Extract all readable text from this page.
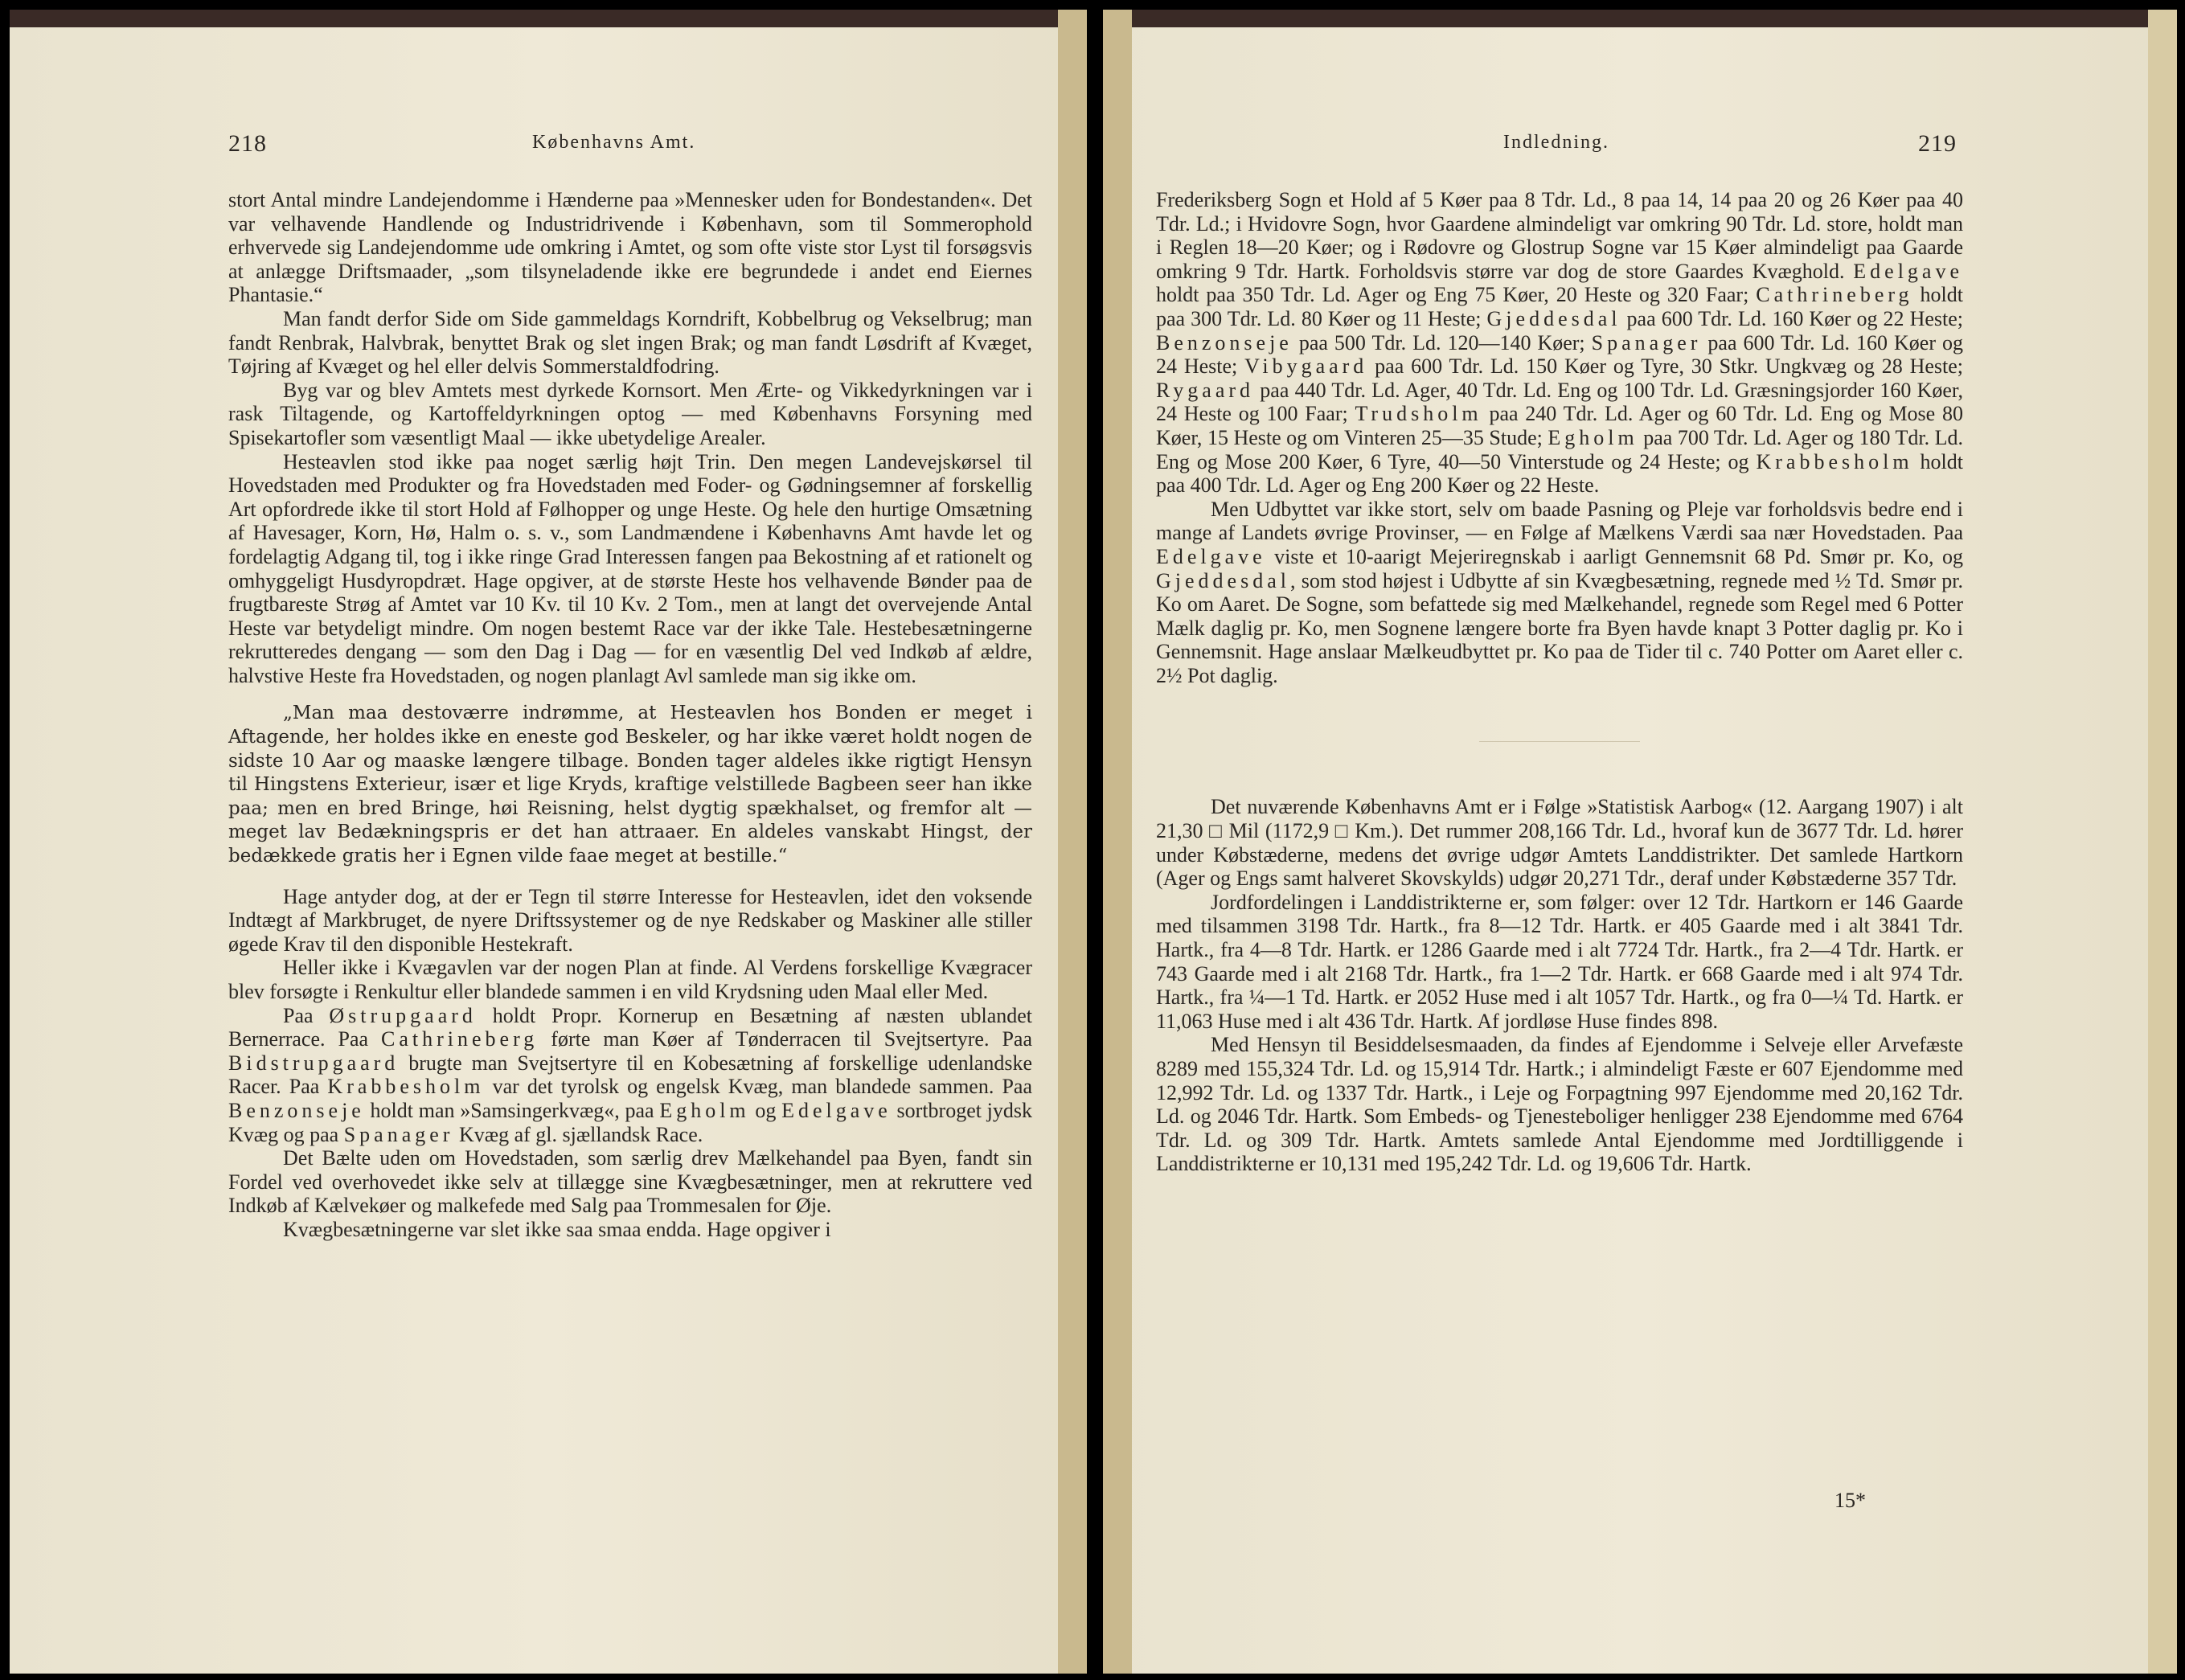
218	Københavns Amt.

stort Antal mindre Landejendomme i Hænderne paa »Mennesker uden for Bondestanden«. Det var velhavende Handlende og Industridrivende i København, som til Sommerophold erhvervede sig Landejendomme ude omkring i Amtet, og som ofte viste stor Lyst til forsøgsvis at anlægge Driftsmaader, „som tilsyneladende ikke ere begrundede i andet end Eiernes Phantasie.“

Man fandt derfor Side om Side gammeldags Korndrift, Kobbelbrug og Vekselbrug; man fandt Renbrak, Halvbrak, benyttet Brak og slet ingen Brak; og man fandt Løsdrift af Kvæget, Tøjring af Kvæget og hel eller delvis Sommerstaldfodring.

Byg var og blev Amtets mest dyrkede Kornsort. Men Ærte- og Vikkedyrkningen var i rask Tiltagende, og Kartoffeldyrkningen optog — med Københavns Forsyning med Spisekartofler som væsentligt Maal — ikke ubetydelige Arealer.

Hesteavlen stod ikke paa noget særlig højt Trin. Den megen Landevejskørsel til Hovedstaden med Produkter og fra Hovedstaden med Foder- og Gødningsemner af forskellig Art opfordrede ikke til stort Hold af Følhopper og unge Heste. Og hele den hurtige Omsætning af Havesager, Korn, Hø, Halm o. s. v., som Landmændene i Københavns Amt havde let og fordelagtig Adgang til, tog i ikke ringe Grad Interessen fangen paa Bekostning af et rationelt og omhyggeligt Husdyropdræt. Hage opgiver, at de største Heste hos velhavende Bønder paa de frugtbareste Strøg af Amtet var 10 Kv. til 10 Kv. 2 Tom., men at langt det overvejende Antal Heste var betydeligt mindre. Om nogen bestemt Race var der ikke Tale. Hestebesætningerne rekrutteredes dengang — som den Dag i Dag — for en væsentlig Del ved Indkøb af ældre, halvstive Heste fra Hovedstaden, og nogen planlagt Avl samlede man sig ikke om.

„Man maa destoværre indrømme, at Hesteavlen hos Bonden er meget i Aftagende, her holdes ikke en eneste god Beskeler, og har ikke været holdt nogen de sidste 10 Aar og maaske længere tilbage. Bonden tager aldeles ikke rigtigt Hensyn til Hingstens Exterieur, især et lige Kryds, kraftige velstillede Bagbeen seer han ikke paa; men en bred Bringe, høi Reisning, helst dygtig spækhalset, og fremfor alt — meget lav Bedækningspris er det han attraaer. En aldeles vanskabt Hingst, der bedækkede gratis her i Egnen vilde faae meget at bestille.“

Hage antyder dog, at der er Tegn til større Interesse for Hesteavlen, idet den voksende Indtægt af Markbruget, de nyere Driftssystemer og de nye Redskaber og Maskiner alle stiller øgede Krav til den disponible Hestekraft.

Heller ikke i Kvægavlen var der nogen Plan at finde. Al Verdens forskellige Kvægracer blev forsøgte i Renkultur eller blandede sammen i en vild Krydsning uden Maal eller Med.

Paa Østrupgaard holdt Propr. Kornerup en Besætning af næsten ublandet Bernerrace. Paa Cathrineberg førte man Køer af Tønderracen til Svejtsertyre. Paa Bidstrupgaard brugte man Svejtsertyre til en Kobesætning af forskellige udenlandske Racer. Paa Krabbesholm var det tyrolsk og engelsk Kvæg, man blandede sammen. Paa Benzonseje holdt man »Samsingerkvæg«, paa Egholm og Edelgave sortbroget jydsk Kvæg og paa Spanager Kvæg af gl. sjællandsk Race.

Det Bælte uden om Hovedstaden, som særlig drev Mælkehandel paa Byen, fandt sin Fordel ved overhovedet ikke selv at tillægge sine Kvægbesætninger, men at rekruttere ved Indkøb af Kælvekøer og malkefede med Salg paa Trommesalen for Øje.

Kvægbesætningerne var slet ikke saa smaa endda. Hage opgiver i

Indledning.	219

Frederiksberg Sogn et Hold af 5 Køer paa 8 Tdr. Ld., 8 paa 14, 14 paa 20 og 26 Køer paa 40 Tdr. Ld.; i Hvidovre Sogn, hvor Gaardene almindeligt var omkring 90 Tdr. Ld. store, holdt man i Reglen 18—20 Køer; og i Rødovre og Glostrup Sogne var 15 Køer almindeligt paa Gaarde omkring 9 Tdr. Hartk. Forholdsvis større var dog de store Gaardes Kvæghold. Edelgave holdt paa 350 Tdr. Ld. Ager og Eng 75 Køer, 20 Heste og 320 Faar; Cathrineberg holdt paa 300 Tdr. Ld. 80 Køer og 11 Heste; Gjeddesdal paa 600 Tdr. Ld. 160 Køer og 22 Heste; Benzonseje paa 500 Tdr. Ld. 120—140 Køer; Spanager paa 600 Tdr. Ld. 160 Køer og 24 Heste; Vibygaard paa 600 Tdr. Ld. 150 Køer og Tyre, 30 Stkr. Ungkvæg og 28 Heste; Rygaard paa 440 Tdr. Ld. Ager, 40 Tdr. Ld. Eng og 100 Tdr. Ld. Græsningsjorder 160 Køer, 24 Heste og 100 Faar; Trudsholm paa 240 Tdr. Ld. Ager og 60 Tdr. Ld. Eng og Mose 80 Køer, 15 Heste og om Vinteren 25—35 Stude; Egholm paa 700 Tdr. Ld. Ager og 180 Tdr. Ld. Eng og Mose 200 Køer, 6 Tyre, 40—50 Vinterstude og 24 Heste; og Krabbesholm holdt paa 400 Tdr. Ld. Ager og Eng 200 Køer og 22 Heste.

Men Udbyttet var ikke stort, selv om baade Pasning og Pleje var forholdsvis bedre end i mange af Landets øvrige Provinser, — en Følge af Mælkens Værdi saa nær Hovedstaden. Paa Edelgave viste et 10-aarigt Mejeriregnskab i aarligt Gennemsnit 68 Pd. Smør pr. Ko, og Gjeddesdal, som stod højest i Udbytte af sin Kvægbesætning, regnede med ½ Td. Smør pr. Ko om Aaret. De Sogne, som befattede sig med Mælkehandel, regnede som Regel med 6 Potter Mælk daglig pr. Ko, men Sognene længere borte fra Byen havde knapt 3 Potter daglig pr. Ko i Gennemsnit. Hage anslaar Mælkeudbyttet pr. Ko paa de Tider til c. 740 Potter om Aaret eller c. 2½ Pot daglig.

Det nuværende Københavns Amt er i Følge »Statistisk Aarbog« (12. Aargang 1907) i alt 21,30 □ Mil (1172,9 □ Km.). Det rummer 208,166 Tdr. Ld., hvoraf kun de 3677 Tdr. Ld. hører under Købstæderne, medens det øvrige udgør Amtets Landdistrikter. Det samlede Hartkorn (Ager og Engs samt halveret Skovskylds) udgør 20,271 Tdr., deraf under Købstæderne 357 Tdr.

Jordfordelingen i Landdistrikterne er, som følger: over 12 Tdr. Hartkorn er 146 Gaarde med tilsammen 3198 Tdr. Hartk., fra 8—12 Tdr. Hartk. er 405 Gaarde med i alt 3841 Tdr. Hartk., fra 4—8 Tdr. Hartk. er 1286 Gaarde med i alt 7724 Tdr. Hartk., fra 2—4 Tdr. Hartk. er 743 Gaarde med i alt 2168 Tdr. Hartk., fra 1—2 Tdr. Hartk. er 668 Gaarde med i alt 974 Tdr. Hartk., fra ¼—1 Td. Hartk. er 2052 Huse med i alt 1057 Tdr. Hartk., og fra 0—¼ Td. Hartk. er 11,063 Huse med i alt 436 Tdr. Hartk. Af jordløse Huse findes 898.

Med Hensyn til Besiddelsesmaaden, da findes af Ejendomme i Selveje eller Arvefæste 8289 med 155,324 Tdr. Ld. og 15,914 Tdr. Hartk.; i almindeligt Fæste er 607 Ejendomme med 12,992 Tdr. Ld. og 1337 Tdr. Hartk., i Leje og Forpagtning 997 Ejendomme med 20,162 Tdr. Ld. og 2046 Tdr. Hartk. Som Embeds- og Tjenesteboliger henligger 238 Ejendomme med 6764 Tdr. Ld. og 309 Tdr. Hartk. Amtets samlede Antal Ejendomme med Jordtilliggende i Landdistrikterne er 10,131 med 195,242 Tdr. Ld. og 19,606 Tdr. Hartk.

15*
